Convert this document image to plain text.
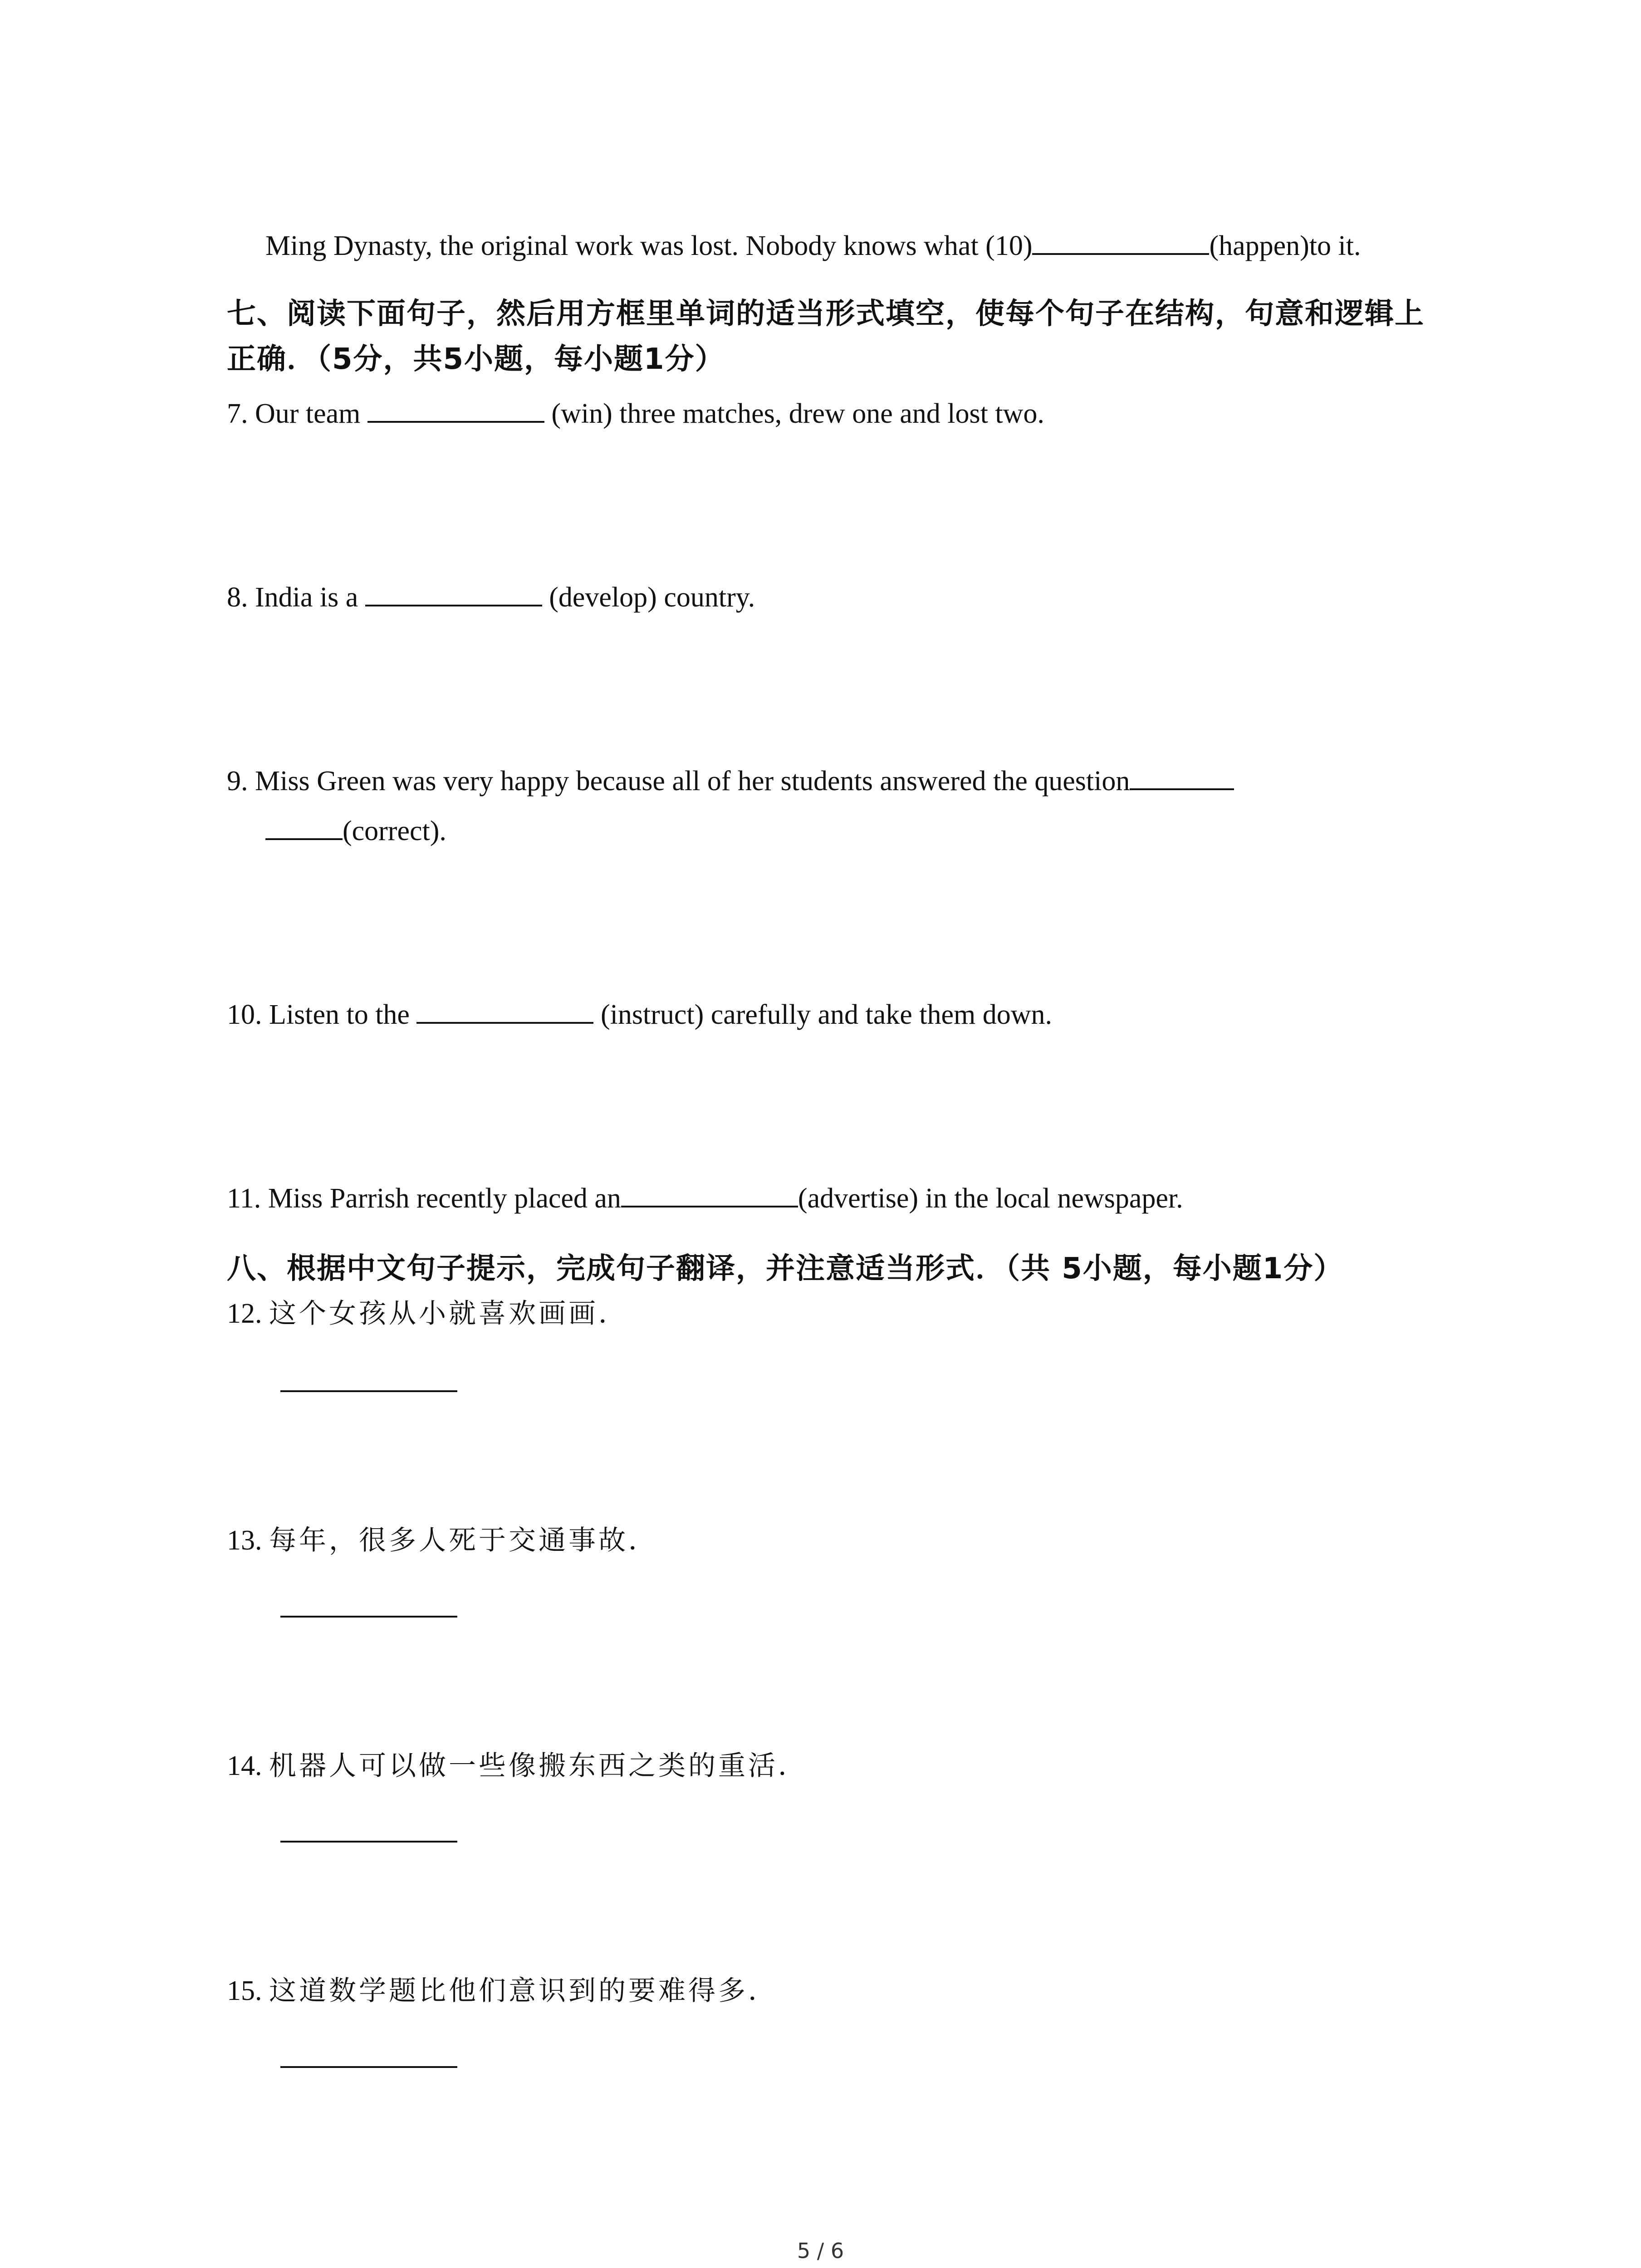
Ming Dynasty, the original work was lost. Nobody knows what (10)	(happen)to it.
七、阅读下面句子，然后用方框里单词的适当形式填空，使每个句子在结构，句意和逻辑上
正确．（5分，共5小题，每小题1分）
7. Our team	(win) three matches, drew one and lost two.
8. India is a	(develop) country.
9. Miss Green was very happy because all of her students answered the question
(correct).
10. Listen to the	(instruct) carefully and take them down.
11. Miss Parrish recently placed an	(advertise) in the local newspaper.
八、根据中文句子提示，完成句子翻译，并注意适当形式．（共 5小题，每小题1分）
12. 这个女孩从小就喜欢画画．
13. 每年，很多人死于交通事故．
14. 机器人可以做一些像搬东西之类的重活．
15. 这道数学题比他们意识到的要难得多．
5 / 6
